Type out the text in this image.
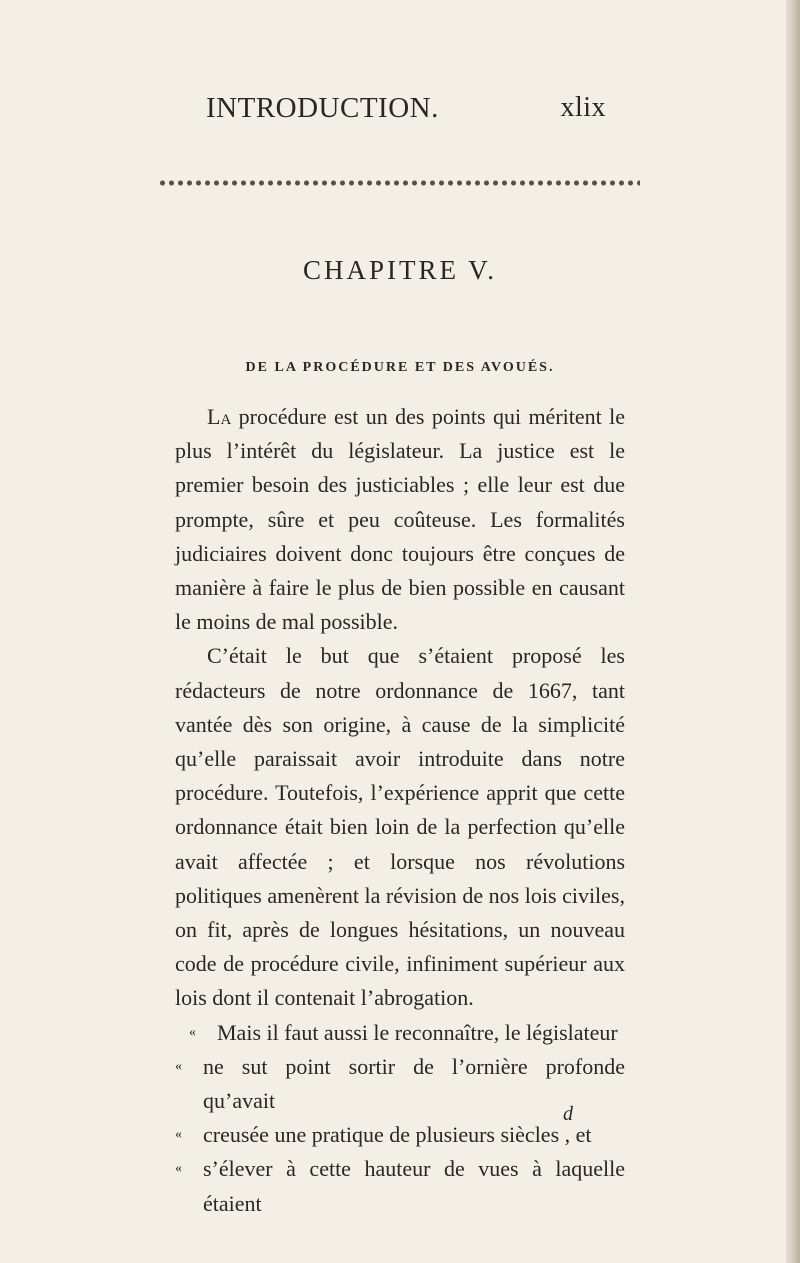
INTRODUCTION.	xlix
CHAPITRE V.
DE LA PROCÉDURE ET DES AVOUÉS.

La procédure est un des points qui méritent le plus l’intérêt du législateur. La justice est le premier besoin des justiciables ; elle leur est due prompte, sûre et peu coûteuse. Les formalités judiciaires doivent donc toujours être conçues de manière à faire le plus de bien possible en causant le moins de mal possible.

C’était le but que s’étaient proposé les rédacteurs de notre ordonnance de 1667, tant vantée dès son origine, à cause de la simplicité qu’elle paraissait avoir introduite dans notre procédure. Toutefois, l’expérience apprit que cette ordonnance était bien loin de la perfection qu’elle avait affectée ; et lorsque nos révolutions politiques amenèrent la révision de nos lois civiles, on fit, après de longues hésitations, un nouveau code de procédure civile, infiniment supérieur aux lois dont il contenait l’abrogation.

« Mais il faut aussi le reconnaître, le législateur
« ne sut point sortir de l’ornière profonde qu’avait
« creusée une pratique de plusieurs siècles , et
« s’élever à cette hauteur de vues à laquelle étaient
d
